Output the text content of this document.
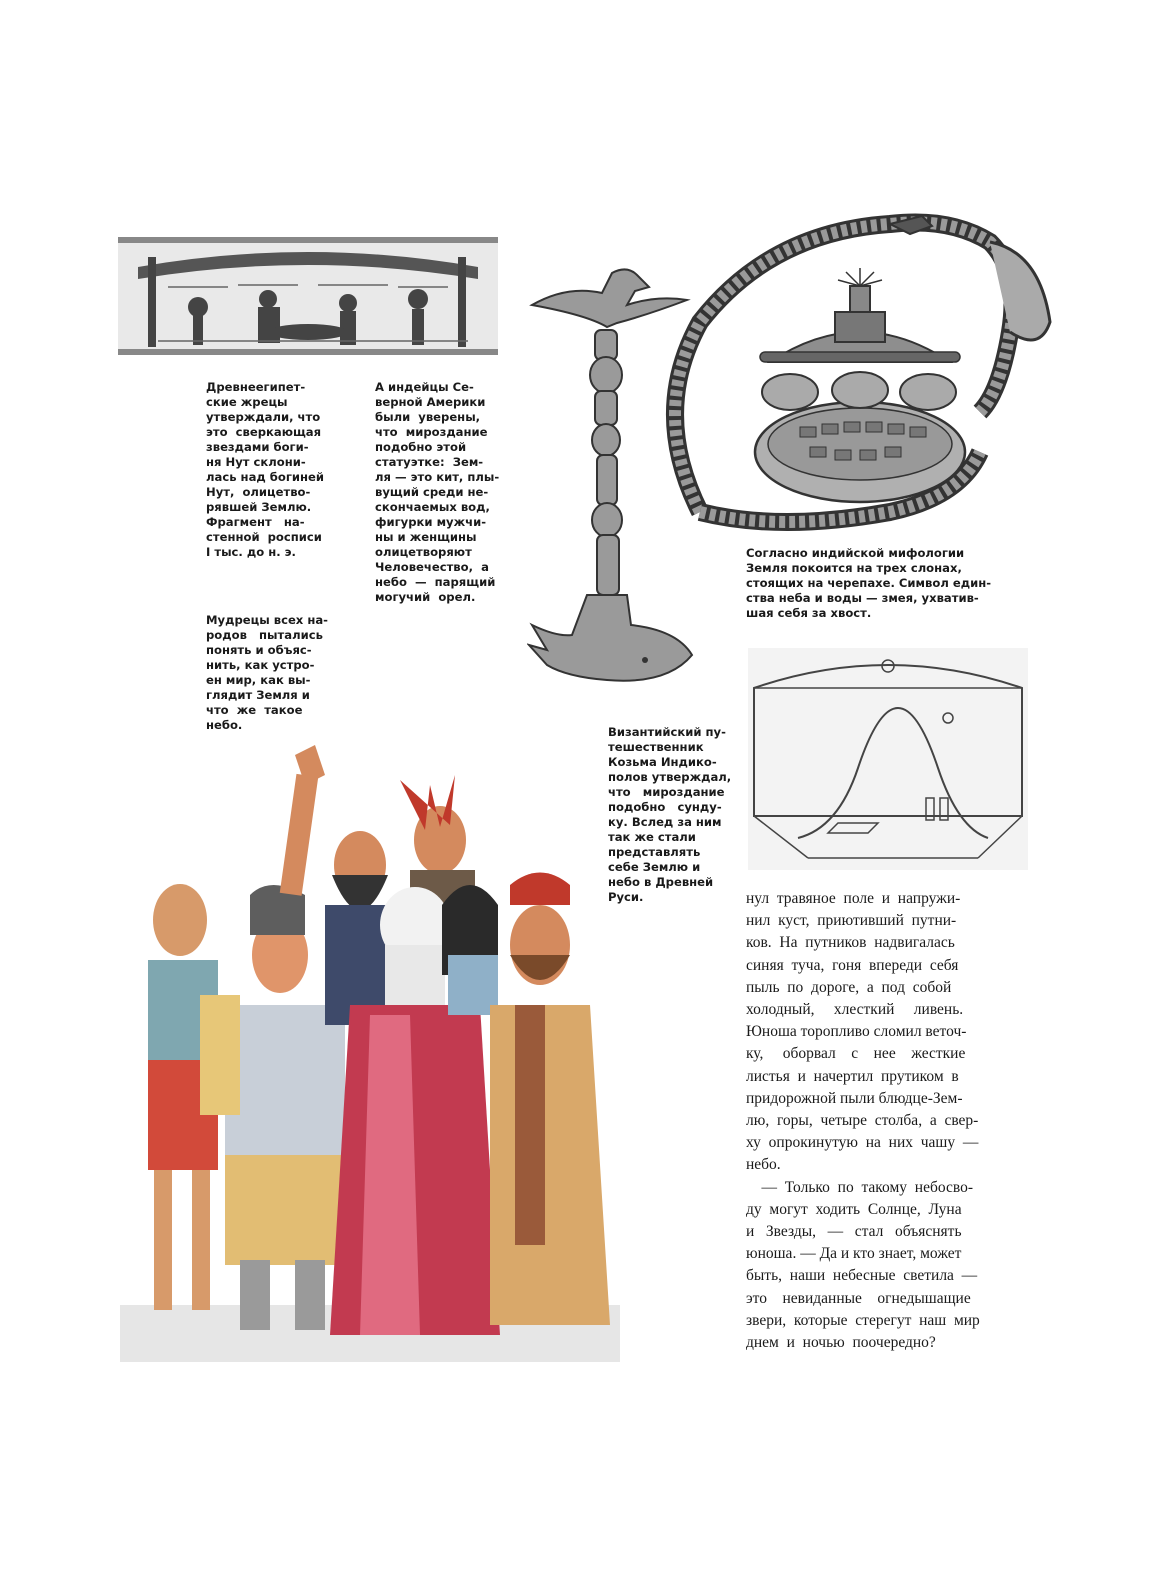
Древнеегипет-
ские жрецы
утверждали, что
это  сверкающая
звездами боги-
ня Нут склони-
лась над богиней
Нут,  олицетво-
рявшей Землю.
Фрагмент   на-
стенной  росписи
I тыс. до н. э.
А индейцы Се-
верной Америки
были  уверены,
что  мироздание
подобно этой
статуэтке:  Зем-
ля — это кит, плы-
вущий среди не-
скончаемых вод,
фигурки мужчи-
ны и женщины
олицетворяют
Человечество,  а
небо  —  парящий
могучий  орел.
Мудрецы всех на-
родов   пытались
понять и объяс-
нить, как устро-
ен мир, как вы-
глядит Земля и
что  же  такое
небо.
Согласно индийской мифологии
Земля покоится на трех слонах,
стоящих на черепахе. Символ един-
ства неба и воды — змея, ухватив-
шая себя за хвост.
Византийский пу-
тешественник
Козьма Индико-
полов утверждал,
что   мироздание
подобно   сунду-
ку. Вслед за ним
так же стали
представлять
себе Землю и
небо в Древней
Руси.	нул  травяное  поле  и  напружи-
нил  куст,  приютивший  путни-
ков.  На  путников  надвигалась
синяя  туча,  гоня  впереди  себя
пыль  по  дороге,  а  под  собой
холодный,     хлесткий     ливень.
Юноша торопливо сломил веточ-
ку,     оборвал    с    нее    жесткие
листья  и  начертил  прутиком  в
придорожной пыли блюдце-Зем-
лю,  горы,  четыре  столба,  а  свер-
ху  опрокинутую  на  них  чашу  —
небо.
—  Только  по  такому  небосво-
ду  могут  ходить  Солнце,  Луна
и   Звезды,   —   стал   объяснять
юноша. — Да и кто знает, может
быть,  наши  небесные  светила  —
это    невиданные    огнедышащие
звери,  которые  стерегут  наш  мир
днем  и  ночью  поочередно?
